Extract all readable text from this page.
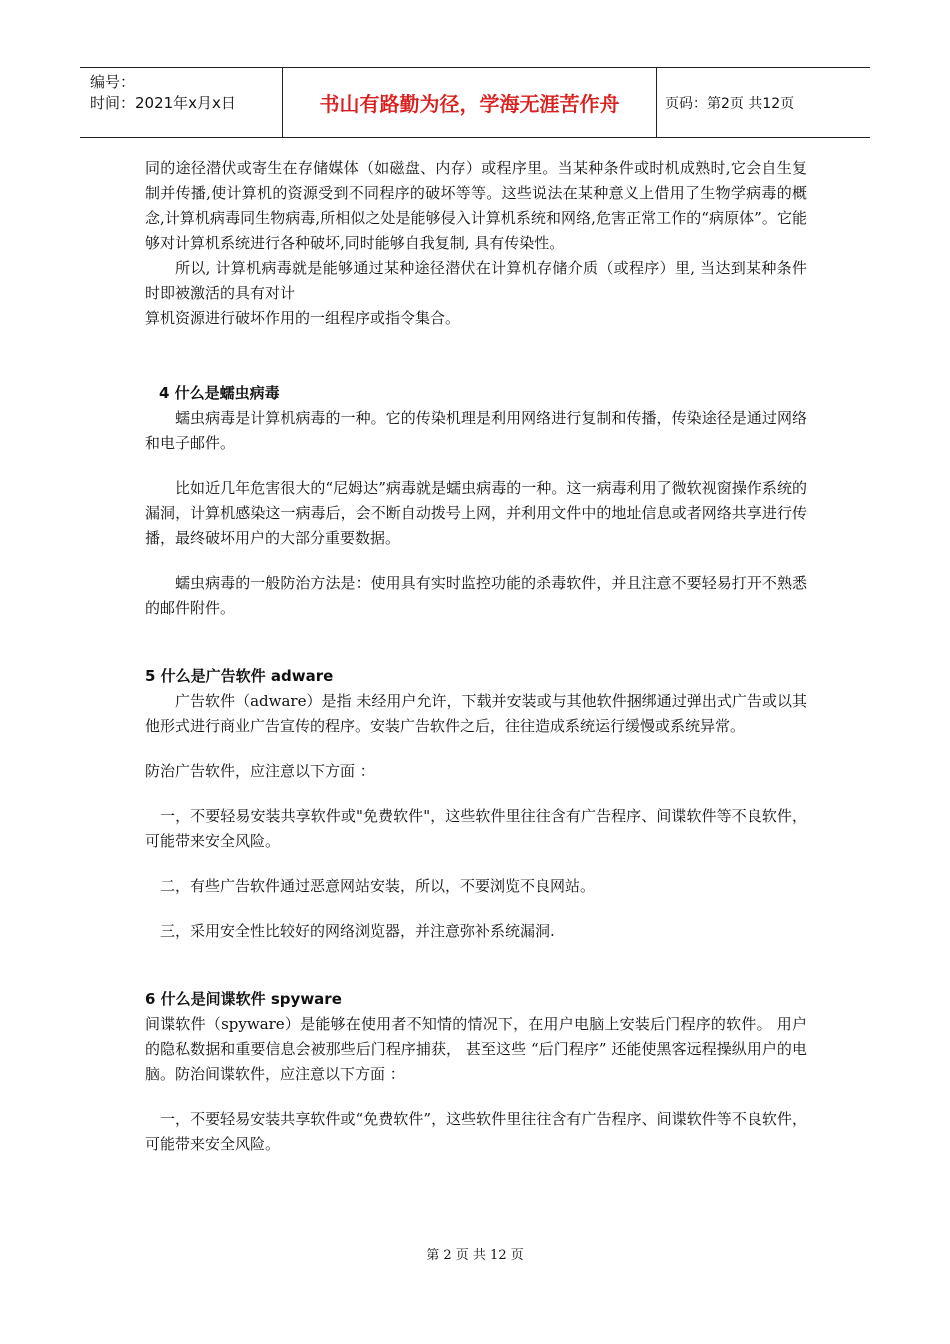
编号：
时间：2021年x月x日	书山有路勤为径，学海无涯苦作舟	页码：第2页 共12页

同的途径潜伏或寄生在存储媒体（如磁盘、内存）或程序里。当某种条件或时机成熟时,它会自生复制并传播,使计算机的资源受到不同程序的破坏等等。这些说法在某种意义上借用了生物学病毒的概念,计算机病毒同生物病毒,所相似之处是能够侵入计算机系统和网络,危害正常工作的“病原体”。它能够对计算机系统进行各种破坏,同时能够自我复制, 具有传染性。

所以, 计算机病毒就是能够通过某种途径潜伏在计算机存储介质（或程序）里, 当达到某种条件时即被激活的具有对计

算机资源进行破坏作用的一组程序或指令集合。

4 什么是蠕虫病毒

蠕虫病毒是计算机病毒的一种。它的传染机理是利用网络进行复制和传播，传染途径是通过网络和电子邮件。

比如近几年危害很大的“尼姆达”病毒就是蠕虫病毒的一种。这一病毒利用了微软视窗操作系统的漏洞，计算机感染这一病毒后，会不断自动拨号上网，并利用文件中的地址信息或者网络共享进行传播，最终破坏用户的大部分重要数据。

蠕虫病毒的一般防治方法是：使用具有实时监控功能的杀毒软件，并且注意不要轻易打开不熟悉的邮件附件。

5 什么是广告软件 adware

广告软件（adware）是指 未经用户允许，下载并安装或与其他软件捆绑通过弹出式广告或以其他形式进行商业广告宣传的程序。安装广告软件之后，往往造成系统运行缓慢或系统异常。

防治广告软件，应注意以下方面 ：

一，不要轻易安装共享软件或"免费软件"，这些软件里往往含有广告程序、间谍软件等不良软件，可能带来安全风险。

二，有些广告软件通过恶意网站安装，所以，不要浏览不良网站。

三，采用安全性比较好的网络浏览器，并注意弥补系统漏洞.

6 什么是间谍软件 spyware

间谍软件（spyware）是能够在使用者不知情的情况下，在用户电脑上安装后门程序的软件。 用户的隐私数据和重要信息会被那些后门程序捕获， 甚至这些 “后门程序” 还能使黑客远程操纵用户的电脑。防治间谍软件，应注意以下方面 ：

一，不要轻易安装共享软件或“免费软件”，这些软件里往往含有广告程序、间谍软件等不良软件，可能带来安全风险。

第 2 页 共 12 页
